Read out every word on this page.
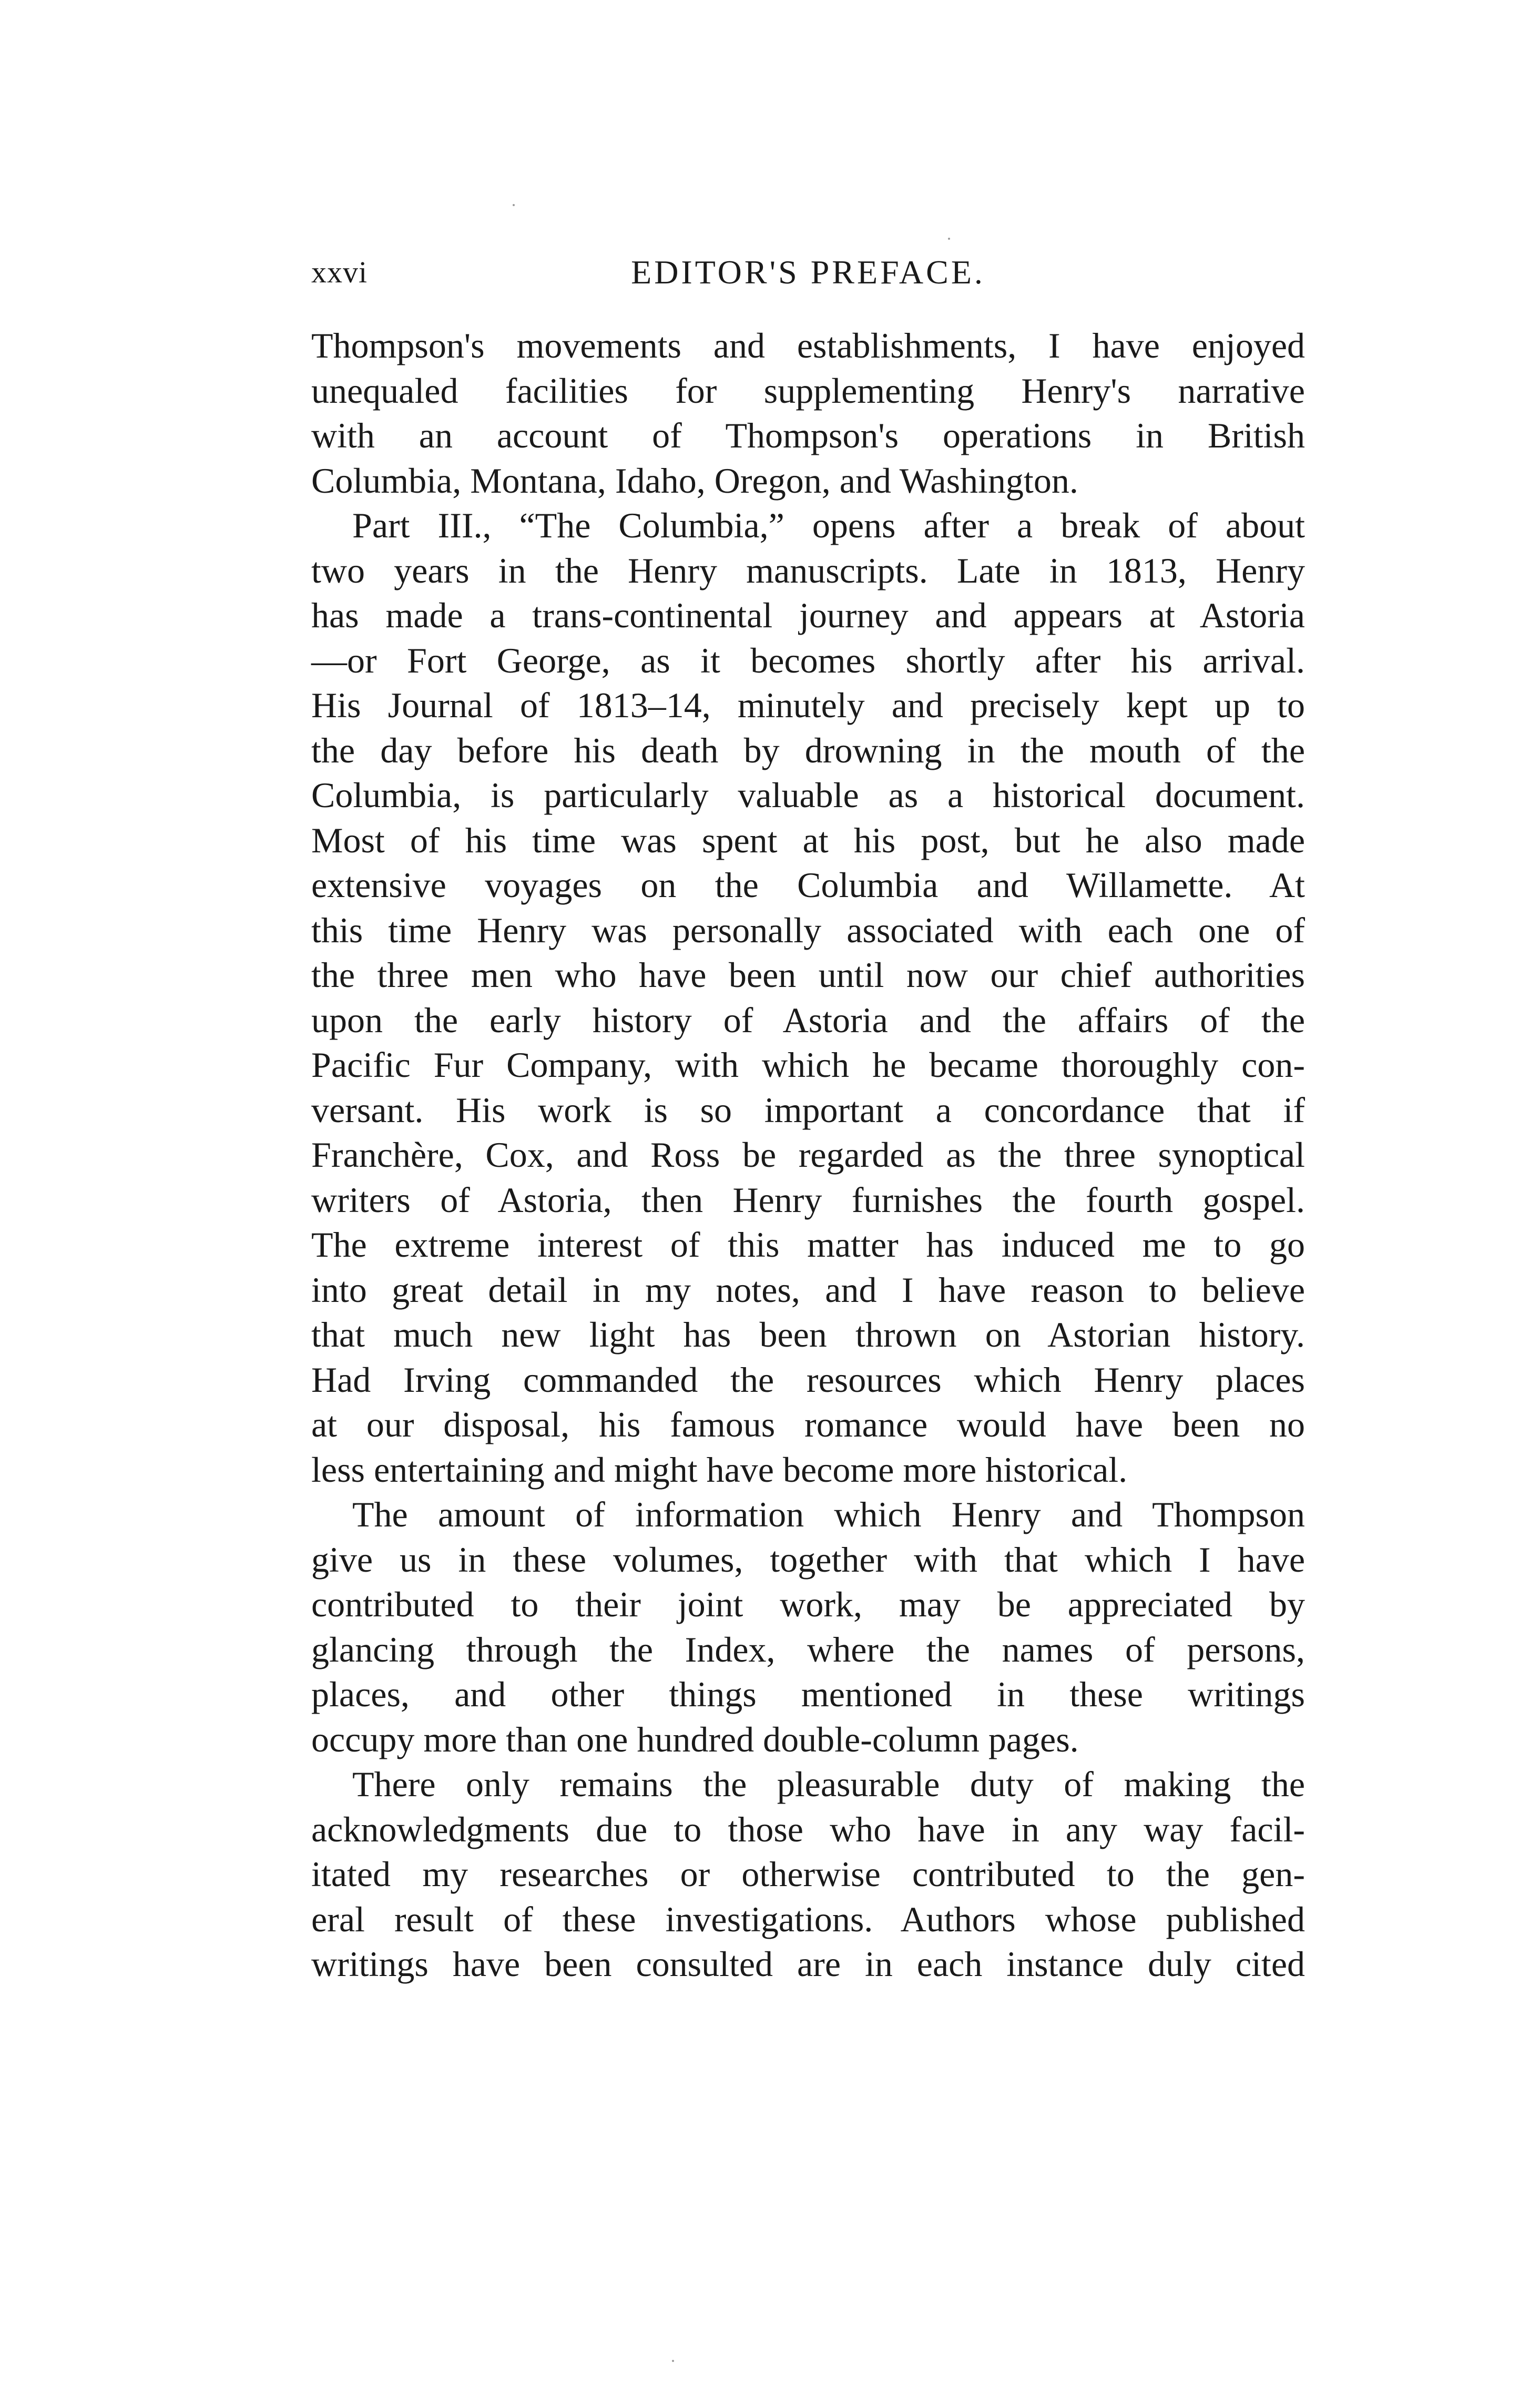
xxvi	EDITOR'S PREFACE.
Thompson's movements and establishments, I have enjoyed
unequaled facilities for supplementing Henry's narrative
with an account of Thompson's operations in British
Columbia, Montana, Idaho, Oregon, and Washington.
Part III., “The Columbia,” opens after a break of about
two years in the Henry manuscripts. Late in 1813, Henry
has made a trans-continental journey and appears at Astoria
—or Fort George, as it becomes shortly after his arrival.
His Journal of 1813–14, minutely and precisely kept up to
the day before his death by drowning in the mouth of the
Columbia, is particularly valuable as a historical document.
Most of his time was spent at his post, but he also made
extensive voyages on the Columbia and Willamette. At
this time Henry was personally associated with each one of
the three men who have been until now our chief authorities
upon the early history of Astoria and the affairs of the
Pacific Fur Company, with which he became thoroughly con-
versant. His work is so important a concordance that if
Franchère, Cox, and Ross be regarded as the three synoptical
writers of Astoria, then Henry furnishes the fourth gospel.
The extreme interest of this matter has induced me to go
into great detail in my notes, and I have reason to believe
that much new light has been thrown on Astorian history.
Had Irving commanded the resources which Henry places
at our disposal, his famous romance would have been no
less entertaining and might have become more historical.
The amount of information which Henry and Thompson
give us in these volumes, together with that which I have
contributed to their joint work, may be appreciated by
glancing through the Index, where the names of persons,
places, and other things mentioned in these writings
occupy more than one hundred double-column pages.
There only remains the pleasurable duty of making the
acknowledgments due to those who have in any way facil-
itated my researches or otherwise contributed to the gen-
eral result of these investigations. Authors whose published
writings have been consulted are in each instance duly cited
